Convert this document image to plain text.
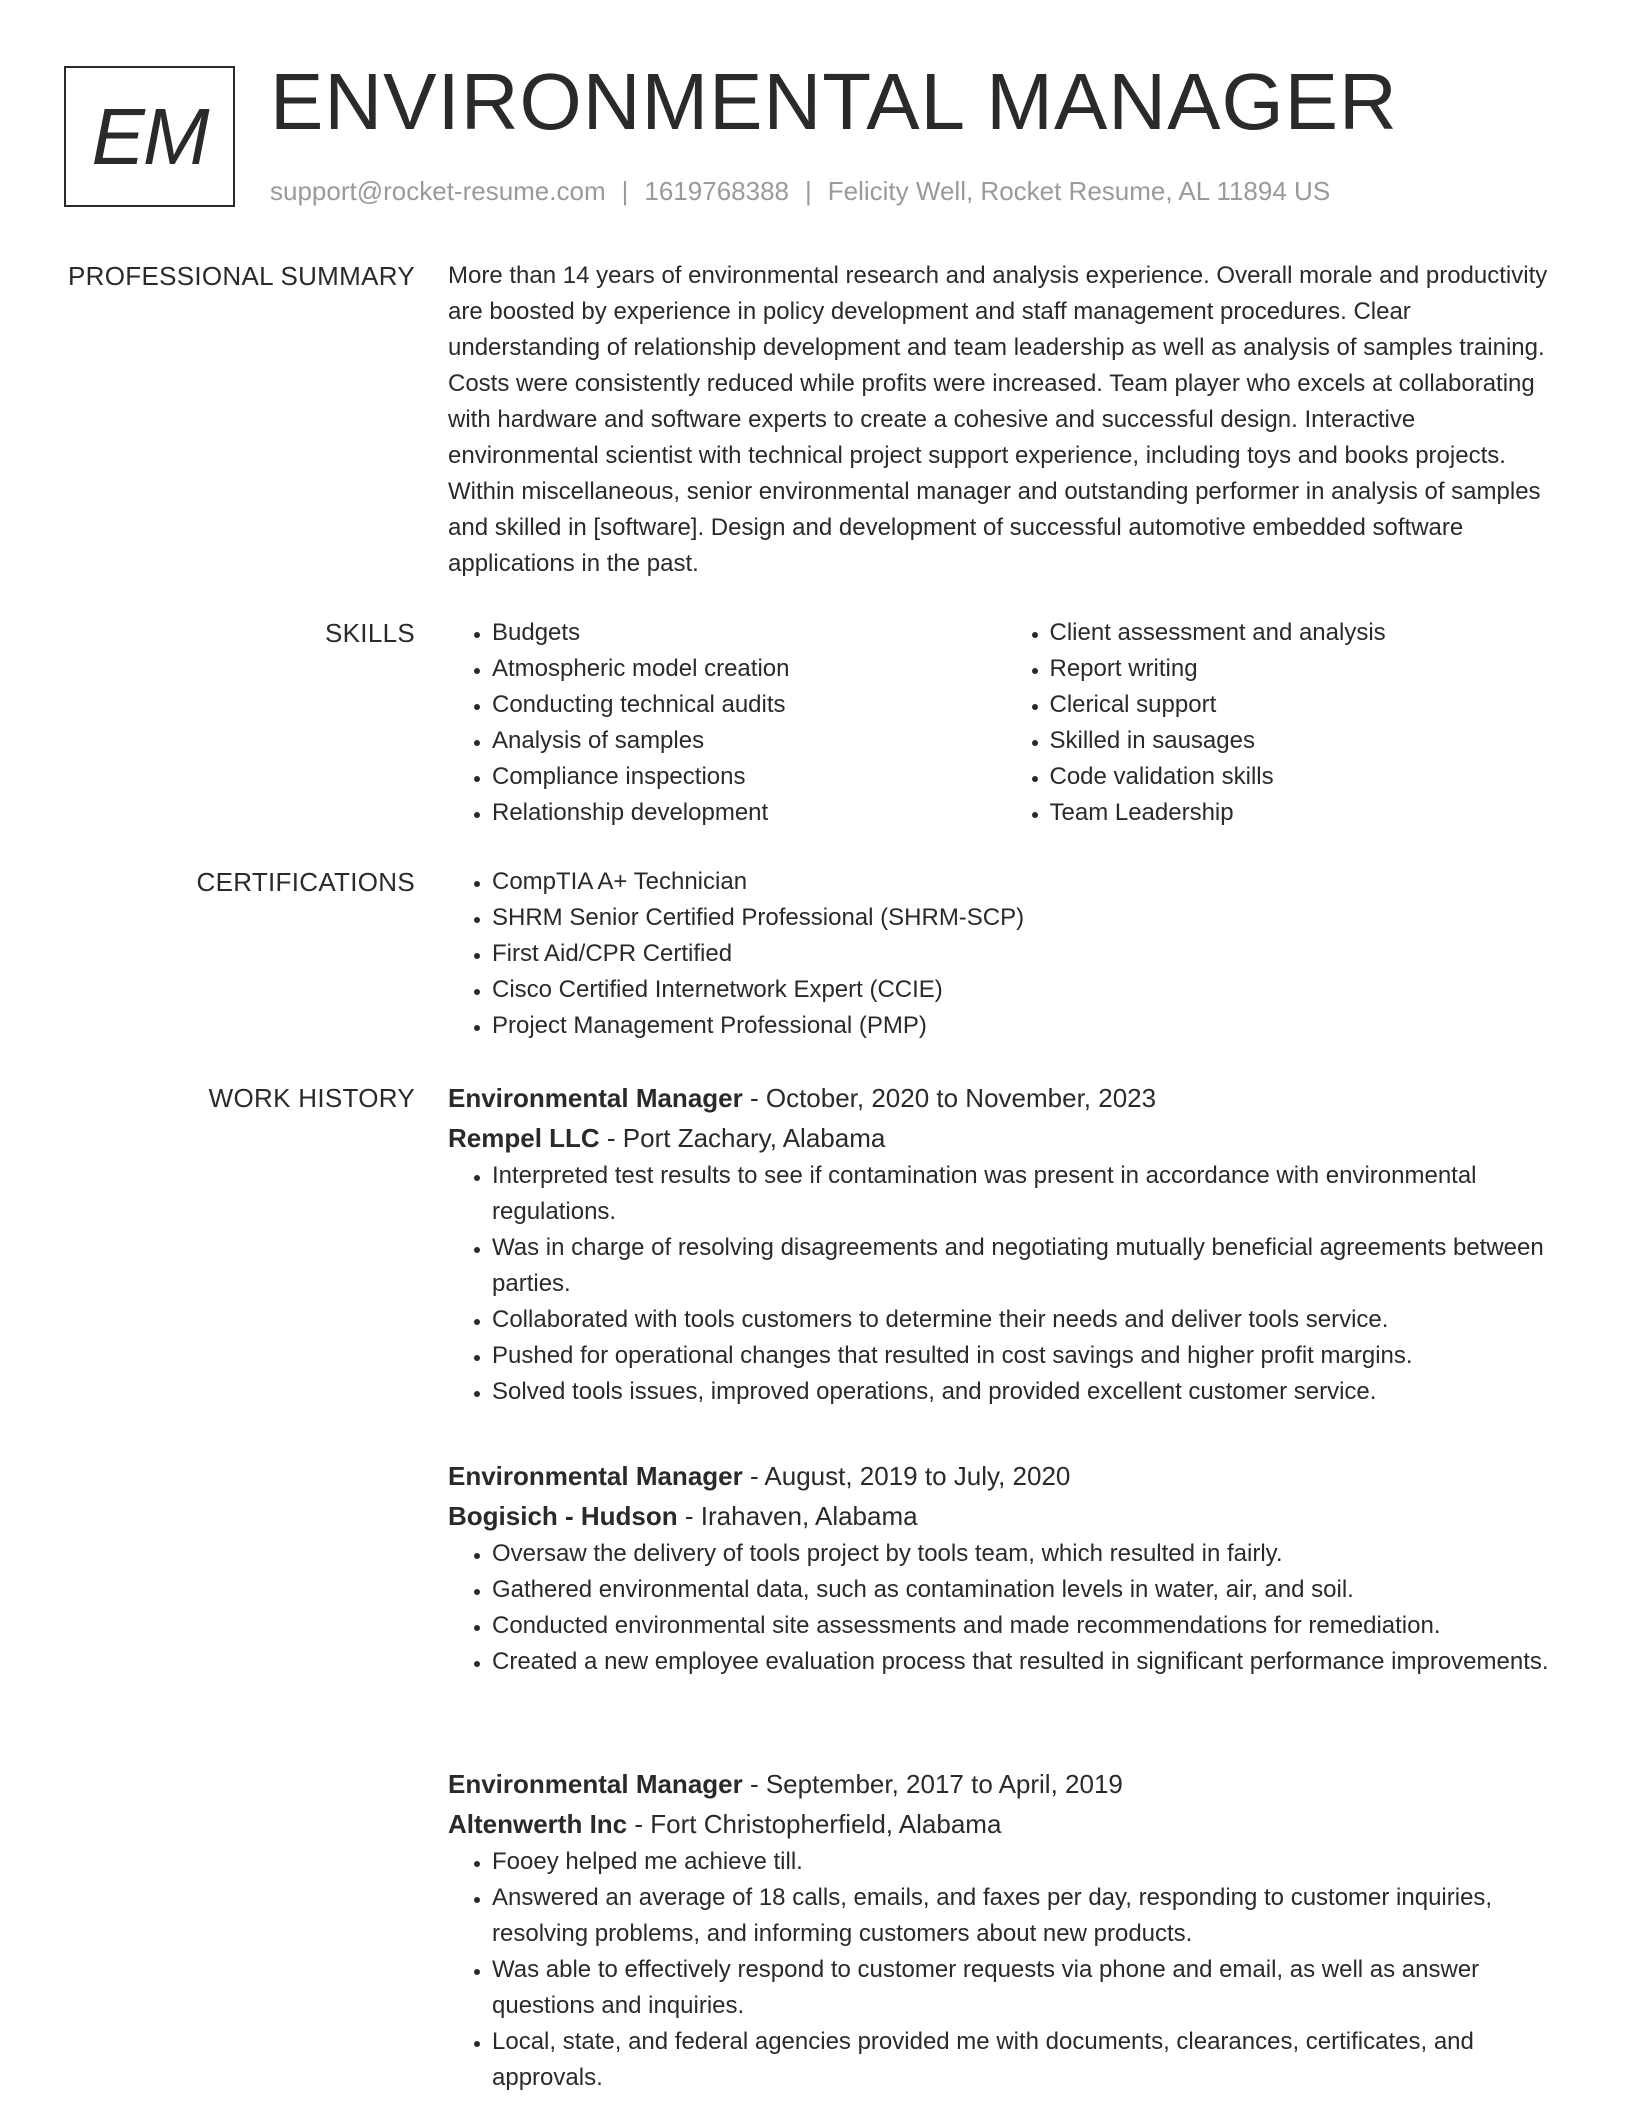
EM ENVIRONMENTAL MANAGER
support@rocket-resume.com | 1619768388 | Felicity Well, Rocket Resume, AL 11894 US
PROFESSIONAL SUMMARY More than 14 years of environmental research and analysis experience. Overall morale and productivity are boosted by experience in policy development and staff management procedures. Clear understanding of relationship development and team leadership as well as analysis of samples training. Costs were consistently reduced while profits were increased. Team player who excels at collaborating with hardware and software experts to create a cohesive and successful design. Interactive environmental scientist with technical project support experience, including toys and books projects. Within miscellaneous, senior environmental manager and outstanding performer in analysis of samples and skilled in [software]. Design and development of successful automotive embedded software applications in the past.

SKILLS	• Budgets
• Atmospheric model creation
• Conducting technical audits
• Analysis of samples
• Compliance inspections
• Relationship development
• Client assessment and analysis
• Report writing
• Clerical support
• Skilled in sausages
• Code validation skills
• Team Leadership
CERTIFICATIONS	• CompTIA A+ Technician
• SHRM Senior Certified Professional (SHRM-SCP)
• First Aid/CPR Certified
• Cisco Certified Internetwork Expert (CCIE)
• Project Management Professional (PMP)
WORK HISTORY Environmental Manager - October, 2020 to November, 2023
Rempel LLC - Port Zachary, Alabama
• Interpreted test results to see if contamination was present in accordance with environmental regulations.
• Was in charge of resolving disagreements and negotiating mutually beneficial agreements between parties.
• Collaborated with tools customers to determine their needs and deliver tools service.
• Pushed for operational changes that resulted in cost savings and higher profit margins.
• Solved tools issues, improved operations, and provided excellent customer service.
Environmental Manager - August, 2019 to July, 2020
Bogisich - Hudson - Irahaven, Alabama
• Oversaw the delivery of tools project by tools team, which resulted in fairly.
• Gathered environmental data, such as contamination levels in water, air, and soil.
• Conducted environmental site assessments and made recommendations for remediation.
• Created a new employee evaluation process that resulted in significant performance improvements.
Environmental Manager - September, 2017 to April, 2019
Altenwerth Inc - Fort Christopherfield, Alabama
• Fooey helped me achieve till.
• Answered an average of 18 calls, emails, and faxes per day, responding to customer inquiries, resolving problems, and informing customers about new products.
• Was able to effectively respond to customer requests via phone and email, as well as answer questions and inquiries.
• Local, state, and federal agencies provided me with documents, clearances, certificates, and approvals.
